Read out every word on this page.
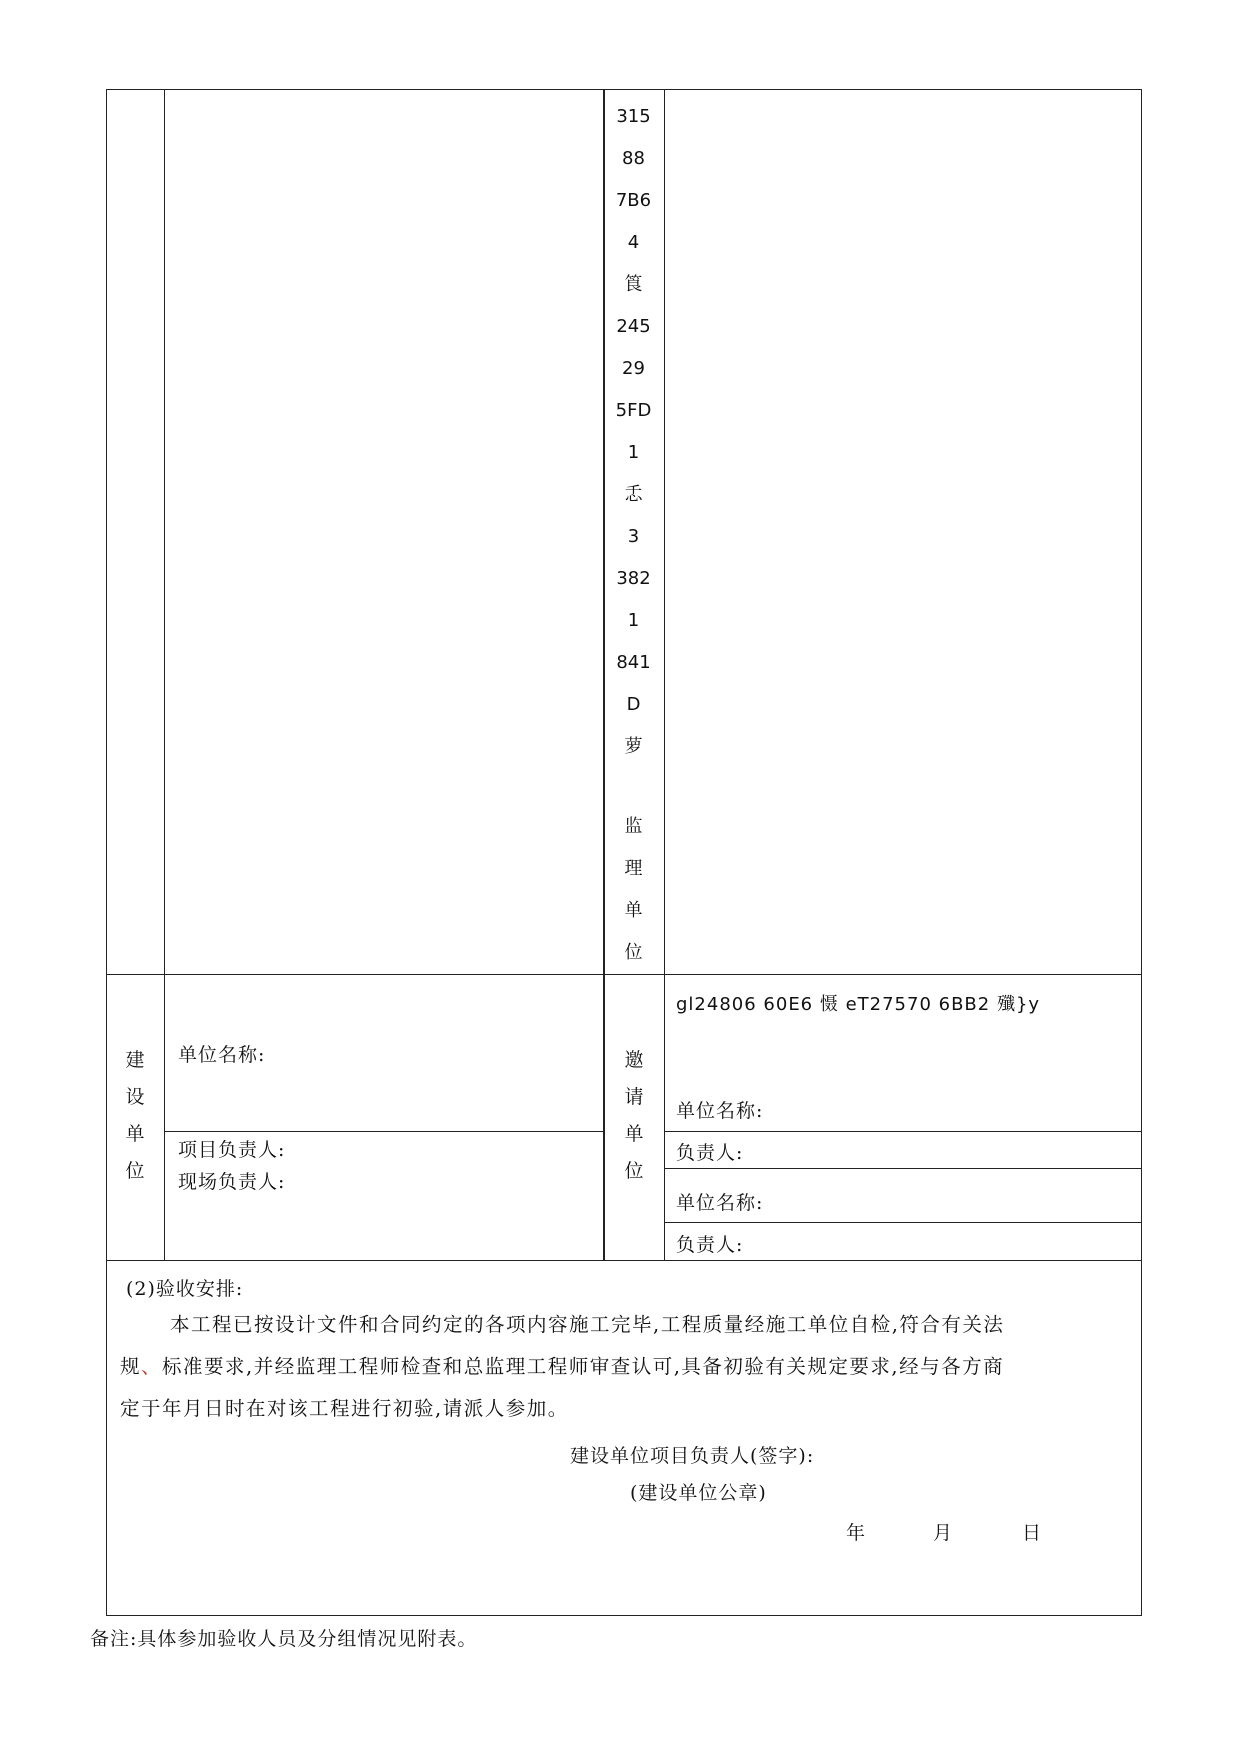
315
88
7B6
4
筤
245
29
5FD
1
忎
3
382
1
841
D
萝
监
理
单
位
建
设
单
位
单位名称:
项目负责人:
现场负责人:
邀
请
单
位
gl24806 60E6 慑 eT27570 6BB2 殲}y
单位名称:
负责人:
单位名称:
负责人:
(2)验收安排:
本工程已按设计文件和合同约定的各项内容施工完毕,工程质量经施工单位自检,符合有关法
规、标准要求,并经监理工程师检查和总监理工程师审查认可,具备初验有关规定要求,经与各方商
定于年月日时在对该工程进行初验,请派人参加。
建设单位项目负责人(签字):
(建设单位公章)
年	月	日
备注:具体参加验收人员及分组情况见附表。
